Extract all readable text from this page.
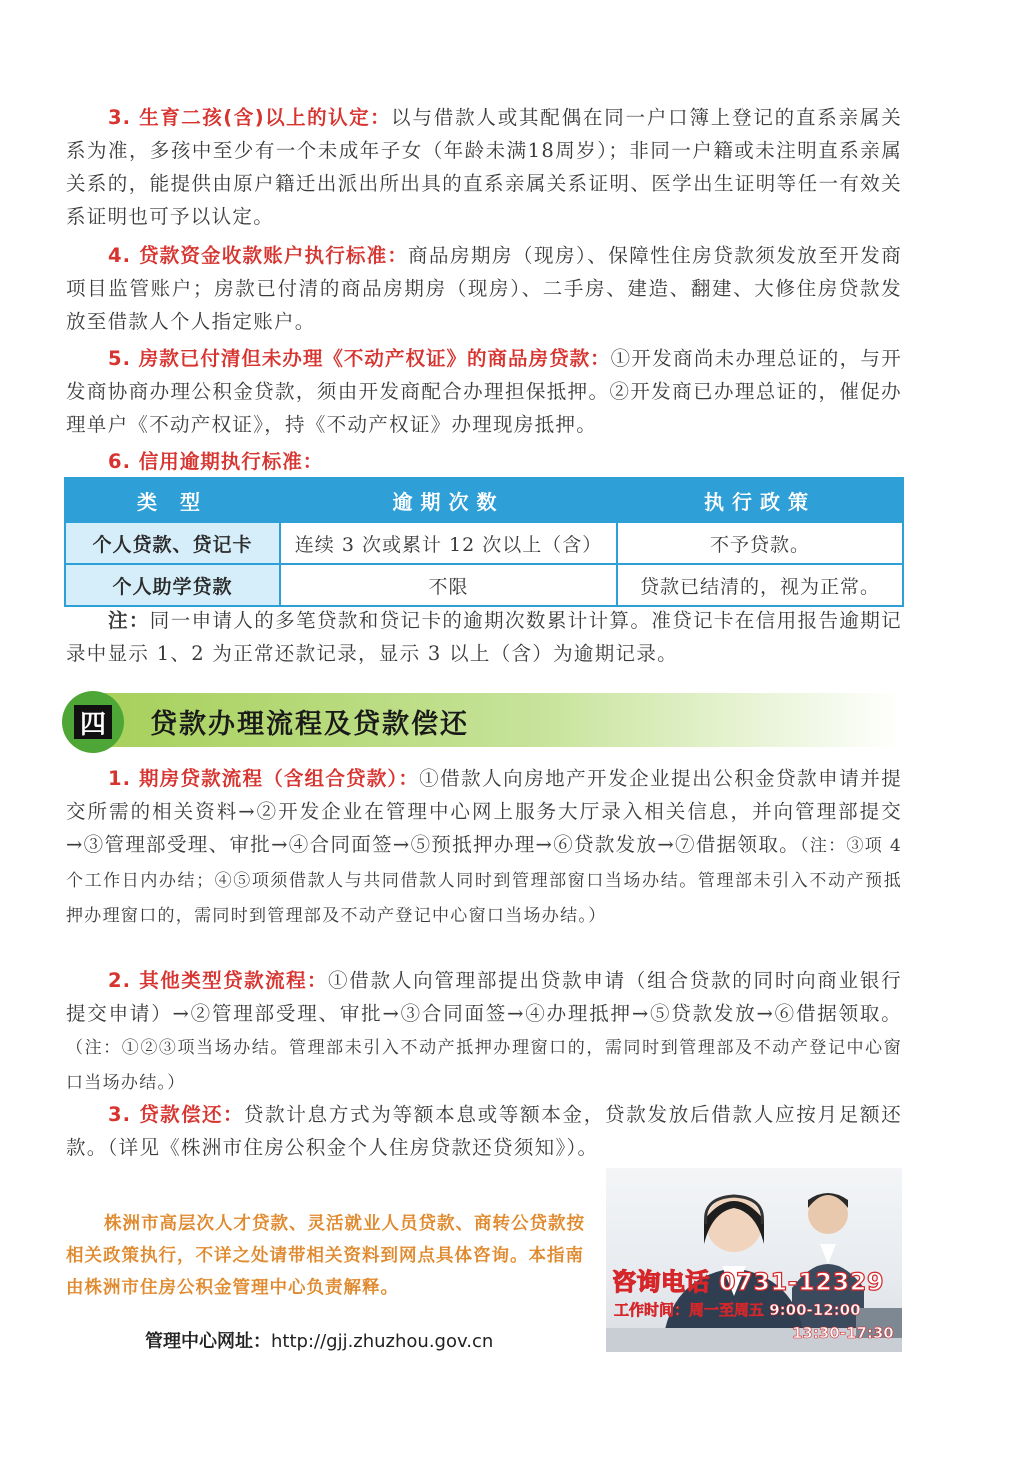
3. 生育二孩(含)以上的认定：以与借款人或其配偶在同一户口簿上登记的直系亲属关系为准，多孩中至少有一个未成年子女（年龄未满18周岁）；非同一户籍或未注明直系亲属关系的，能提供由原户籍迁出派出所出具的直系亲属关系证明、医学出生证明等任一有效关系证明也可予以认定。

4. 贷款资金收款账户执行标准：商品房期房（现房）、保障性住房贷款须发放至开发商项目监管账户；房款已付清的商品房期房（现房）、二手房、建造、翻建、大修住房贷款发放至借款人个人指定账户。

5. 房款已付清但未办理《不动产权证》的商品房贷款：①开发商尚未办理总证的，与开发商协商办理公积金贷款，须由开发商配合办理担保抵押。②开发商已办理总证的，催促办理单户《不动产权证》，持《不动产权证》办理现房抵押。

6. 信用逾期执行标准：

类 型	逾期次数	执行政策
个人贷款、贷记卡	连续 3 次或累计 12 次以上（含）	不予贷款。
个人助学贷款	不限	贷款已结清的，视为正常。

注：同一申请人的多笔贷款和贷记卡的逾期次数累计计算。准贷记卡在信用报告逾期记录中显示 1、2 为正常还款记录，显示 3 以上（含）为逾期记录。

四 贷款办理流程及贷款偿还

1. 期房贷款流程（含组合贷款）：①借款人向房地产开发企业提出公积金贷款申请并提交所需的相关资料→②开发企业在管理中心网上服务大厅录入相关信息，并向管理部提交→③管理部受理、审批→④合同面签→⑤预抵押办理→⑥贷款发放→⑦借据领取。（注：③项 4 个工作日内办结；④⑤项须借款人与共同借款人同时到管理部窗口当场办结。管理部未引入不动产预抵押办理窗口的，需同时到管理部及不动产登记中心窗口当场办结。）

2. 其他类型贷款流程：①借款人向管理部提出贷款申请（组合贷款的同时向商业银行提交申请）→②管理部受理、审批→③合同面签→④办理抵押→⑤贷款发放→⑥借据领取。（注：①②③项当场办结。管理部未引入不动产抵押办理窗口的，需同时到管理部及不动产登记中心窗口当场办结。）

3. 贷款偿还：贷款计息方式为等额本息或等额本金，贷款发放后借款人应按月足额还款。（详见《株洲市住房公积金个人住房贷款还贷须知》）。

株洲市高层次人才贷款、灵活就业人员贷款、商转公贷款按相关政策执行，不详之处请带相关资料到网点具体咨询。本指南由株洲市住房公积金管理中心负责解释。
管理中心网址：http://gjj.zhuzhou.gov.cn
咨询电话 0731-12329
工作时间：周一至周五 9:00-12:00
13:30-17:30
